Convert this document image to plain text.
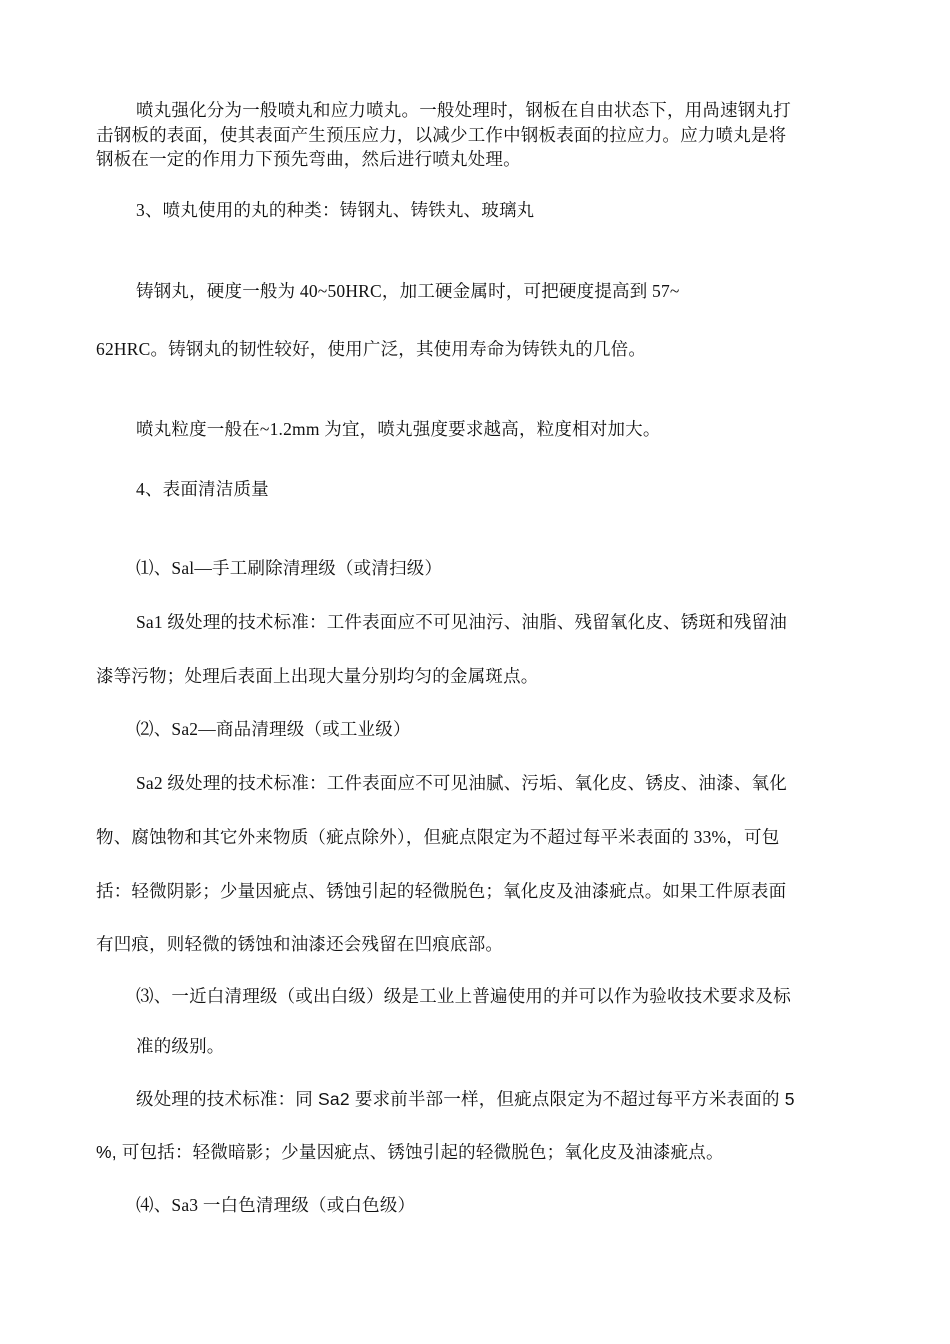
喷丸强化分为一般喷丸和应力喷丸。一般处理时，钢板在自由状态下，用咼速钢丸打
击钢板的表面，使其表面产生预压应力，以减少工作中钢板表面的拉应力。应力喷丸是将
钢板在一定的作用力下预先弯曲，然后进行喷丸处理。
3、喷丸使用的丸的种类：铸钢丸、铸铁丸、玻璃丸
铸钢丸，硬度一般为 40~50HRC，加工硬金属时，可把硬度提高到 57~
62HRC。铸钢丸的韧性较好，使用广泛，其使用寿命为铸铁丸的几倍。
喷丸粒度一般在~1.2mm 为宜，喷丸强度要求越高，粒度相对加大。
4、表面清洁质量
⑴、Sal—手工刷除清理级（或清扫级）
Sa1 级处理的技术标准：工件表面应不可见油污、油脂、残留氧化皮、锈斑和残留油
漆等污物；处理后表面上出现大量分别均匀的金属斑点。
⑵、Sa2—商品清理级（或工业级）
Sa2 级处理的技术标准：工件表面应不可见油腻、污垢、氧化皮、锈皮、油漆、氧化
物、腐蚀物和其它外来物质（疵点除外），但疵点限定为不超过每平米表面的 33%，可包
括：轻微阴影；少量因疵点、锈蚀引起的轻微脱色；氧化皮及油漆疵点。如果工件原表面
有凹痕，则轻微的锈蚀和油漆还会残留在凹痕底部。
⑶、一近白清理级（或出白级）级是工业上普遍使用的并可以作为验收技术要求及标
准的级别。
级处理的技术标准：同 Sa2 要求前半部一样，但疵点限定为不超过每平方米表面的 5
%, 可包括：轻微暗影；少量因疵点、锈蚀引起的轻微脱色；氧化皮及油漆疵点。
⑷、Sa3 一白色清理级（或白色级）
